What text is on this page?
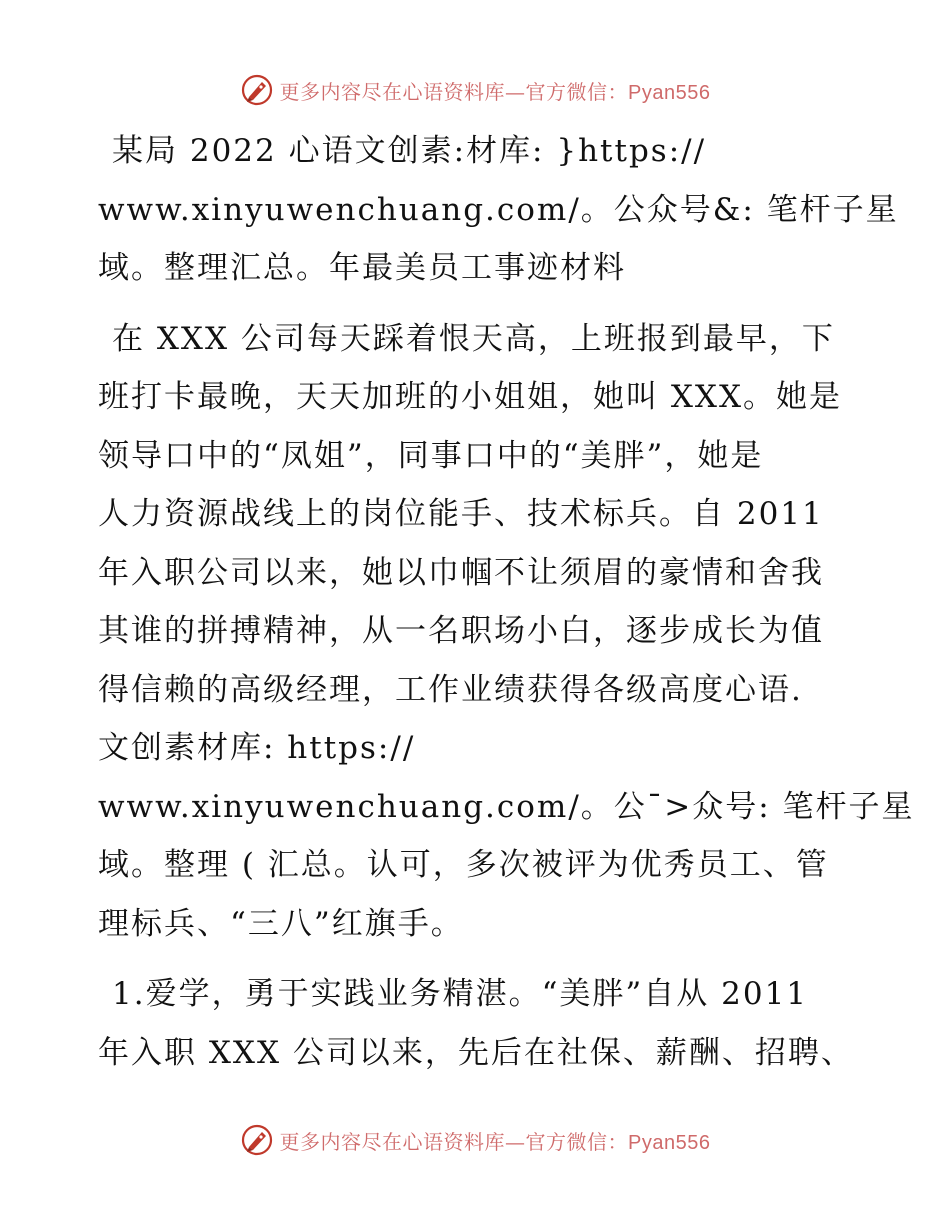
更多内容尽在心语资料库—官方微信：Pyan556

某局 2022 心语文创素:材库: }https://
www.xinyuwenchuang.com/。公众号&: 笔杆子星
域。整理汇总。年最美员工事迹材料

在 XXX 公司每天踩着恨天高，上班报到最早，下
班打卡最晚，天天加班的小姐姐，她叫 XXX。她是
领导口中的“凤姐”，同事口中的“美胖”，她是
人力资源战线上的岗位能手、技术标兵。自 2011
年入职公司以来，她以巾帼不让须眉的豪情和舍我
其谁的拼搏精神，从一名职场小白，逐步成长为值
得信赖的高级经理，工作业绩获得各级高度心语.
文创素材库: https://
www.xinyuwenchuang.com/。公¯>众号: 笔杆子星
域。整理 ( 汇总。认可，多次被评为优秀员工、管
理标兵、“三八”红旗手。

1.爱学，勇于实践业务精湛。“美胖”自从 2011
年入职 XXX 公司以来，先后在社保、薪酬、招聘、

更多内容尽在心语资料库—官方微信：Pyan556
